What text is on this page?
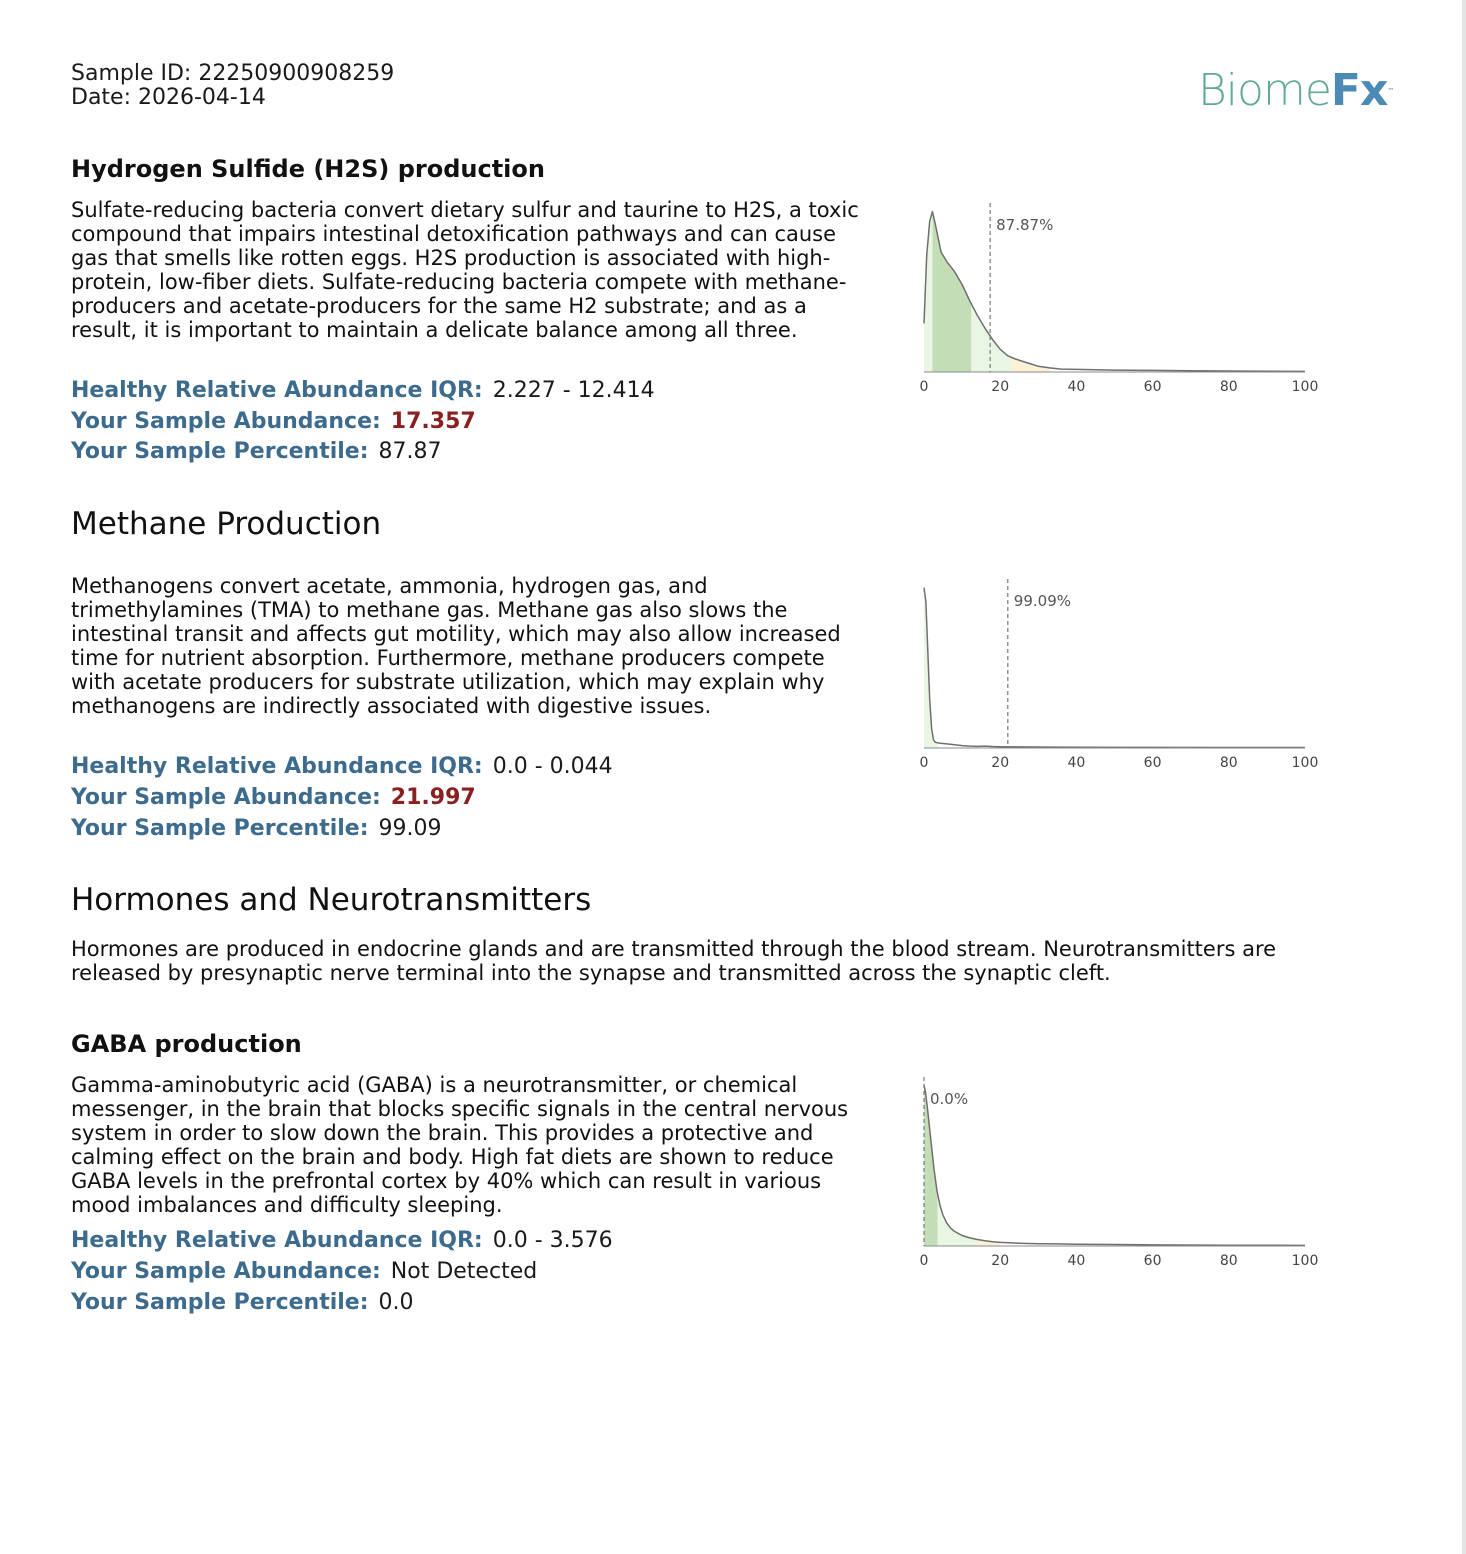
Sample ID: 22250900908259
Date: 2026-04-14	BiomeFx™
Hydrogen Sulfide (H2S) production

Sulfate-reducing bacteria convert dietary sulfur and taurine to H2S, a toxic compound that impairs intestinal detoxification pathways and can cause gas that smells like rotten eggs. H2S production is associated with high-protein, low-fiber diets. Sulfate-reducing bacteria compete with methane-producers and acetate-producers for the same H2 substrate; and as a result, it is important to maintain a delicate balance among all three.

Healthy Relative Abundance IQR: 2.227 - 12.414
Your Sample Abundance: 17.357
Your Sample Percentile: 87.87
87.87%
0	20	40	60	80	100
Methane Production

Methanogens convert acetate, ammonia, hydrogen gas, and trimethylamines (TMA) to methane gas. Methane gas also slows the intestinal transit and affects gut motility, which may also allow increased time for nutrient absorption. Furthermore, methane producers compete with acetate producers for substrate utilization, which may explain why methanogens are indirectly associated with digestive issues.

Healthy Relative Abundance IQR: 0.0 - 0.044
Your Sample Abundance: 21.997
Your Sample Percentile: 99.09
99.09%
0	20	40	60	80	100
Hormones and Neurotransmitters

Hormones are produced in endocrine glands and are transmitted through the blood stream. Neurotransmitters are released by presynaptic nerve terminal into the synapse and transmitted across the synaptic cleft.

GABA production

Gamma-aminobutyric acid (GABA) is a neurotransmitter, or chemical messenger, in the brain that blocks specific signals in the central nervous system in order to slow down the brain. This provides a protective and calming effect on the brain and body. High fat diets are shown to reduce GABA levels in the prefrontal cortex by 40% which can result in various mood imbalances and difficulty sleeping.

Healthy Relative Abundance IQR: 0.0 - 3.576
Your Sample Abundance: Not Detected
Your Sample Percentile: 0.0
0.0%
0	20	40	60	80	100
